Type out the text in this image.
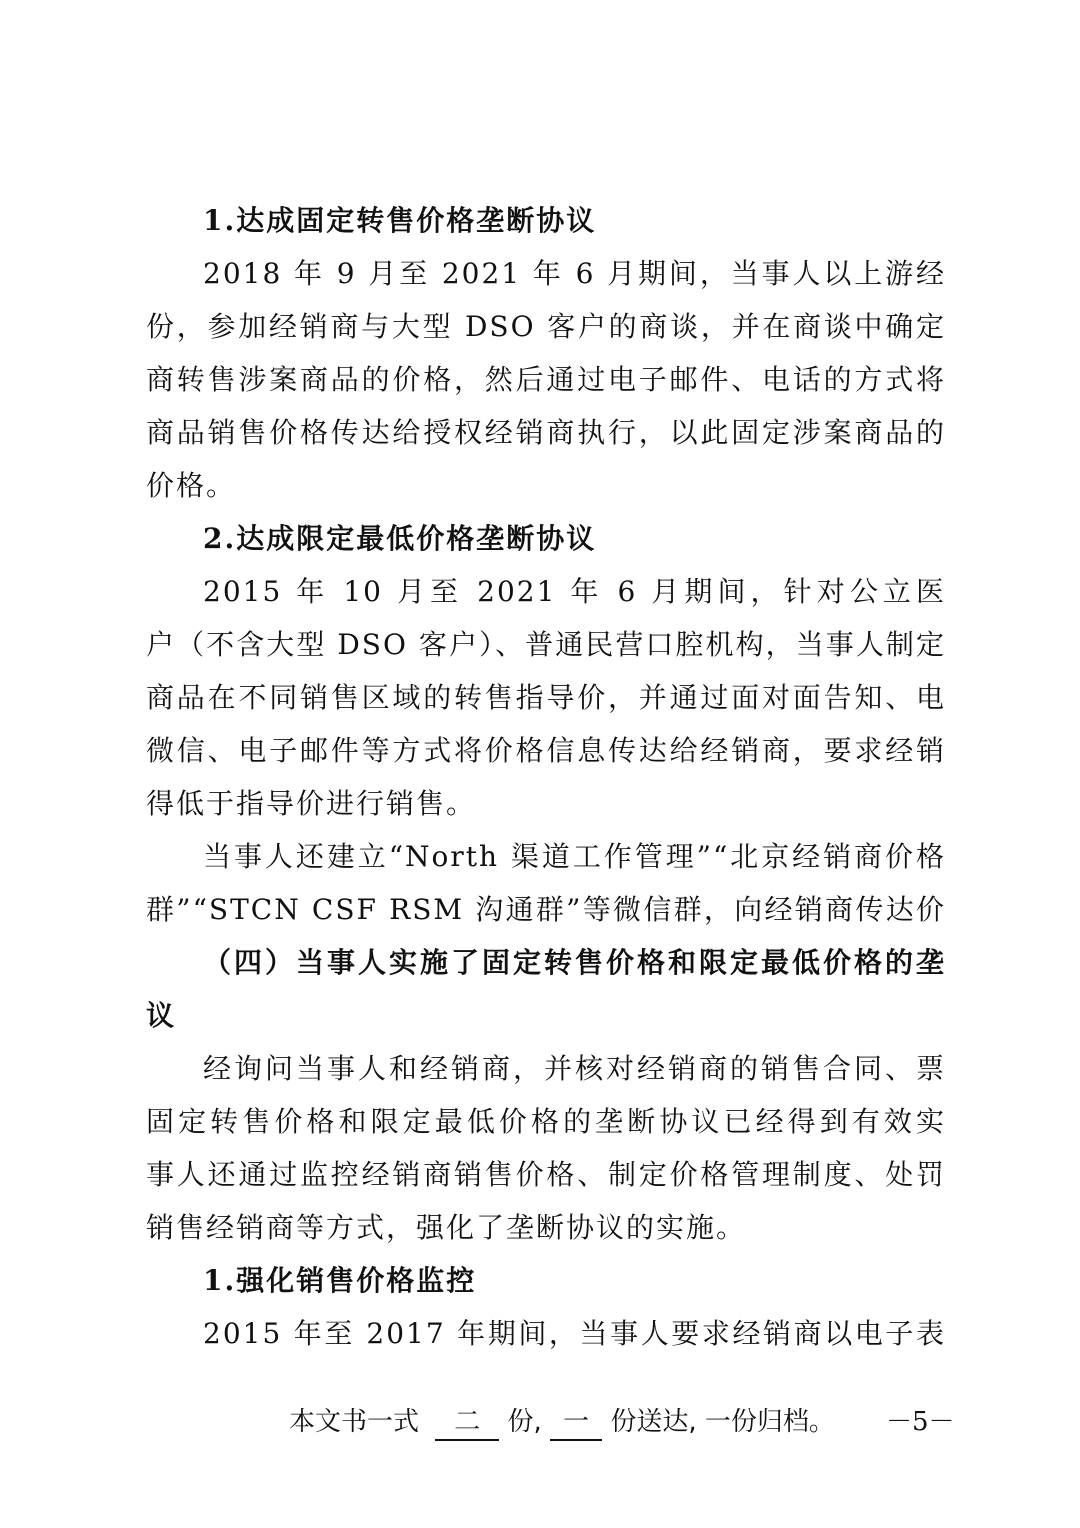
1.达成固定转售价格垄断协议
2018 年 9 月至 2021 年 6 月期间，当事人以上游经
份，参加经销商与大型 DSO 客户的商谈，并在商谈中确定
商转售涉案商品的价格，然后通过电子邮件、电话的方式将
商品销售价格传达给授权经销商执行，以此固定涉案商品的
价格。
2.达成限定最低价格垄断协议
2015 年 10 月至 2021 年 6 月期间，针对公立医
户（不含大型 DSO 客户）、普通民营口腔机构，当事人制定
商品在不同销售区域的转售指导价，并通过面对面告知、电
微信、电子邮件等方式将价格信息传达给经销商，要求经销
得低于指导价进行销售。
当事人还建立“North 渠道工作管理”“北京经销商价格
群”“STCN CSF RSM 沟通群”等微信群，向经销商传达价
（四）当事人实施了固定转售价格和限定最低价格的垄
议
经询问当事人和经销商，并核对经销商的销售合同、票
固定转售价格和限定最低价格的垄断协议已经得到有效实
事人还通过监控经销商销售价格、制定价格管理制度、处罚
销售经销商等方式，强化了垄断协议的实施。
1.强化销售价格监控
2015 年至 2017 年期间，当事人要求经销商以电子表
本文书一式 二 份, 一 份送达, 一份归档。 －5－
